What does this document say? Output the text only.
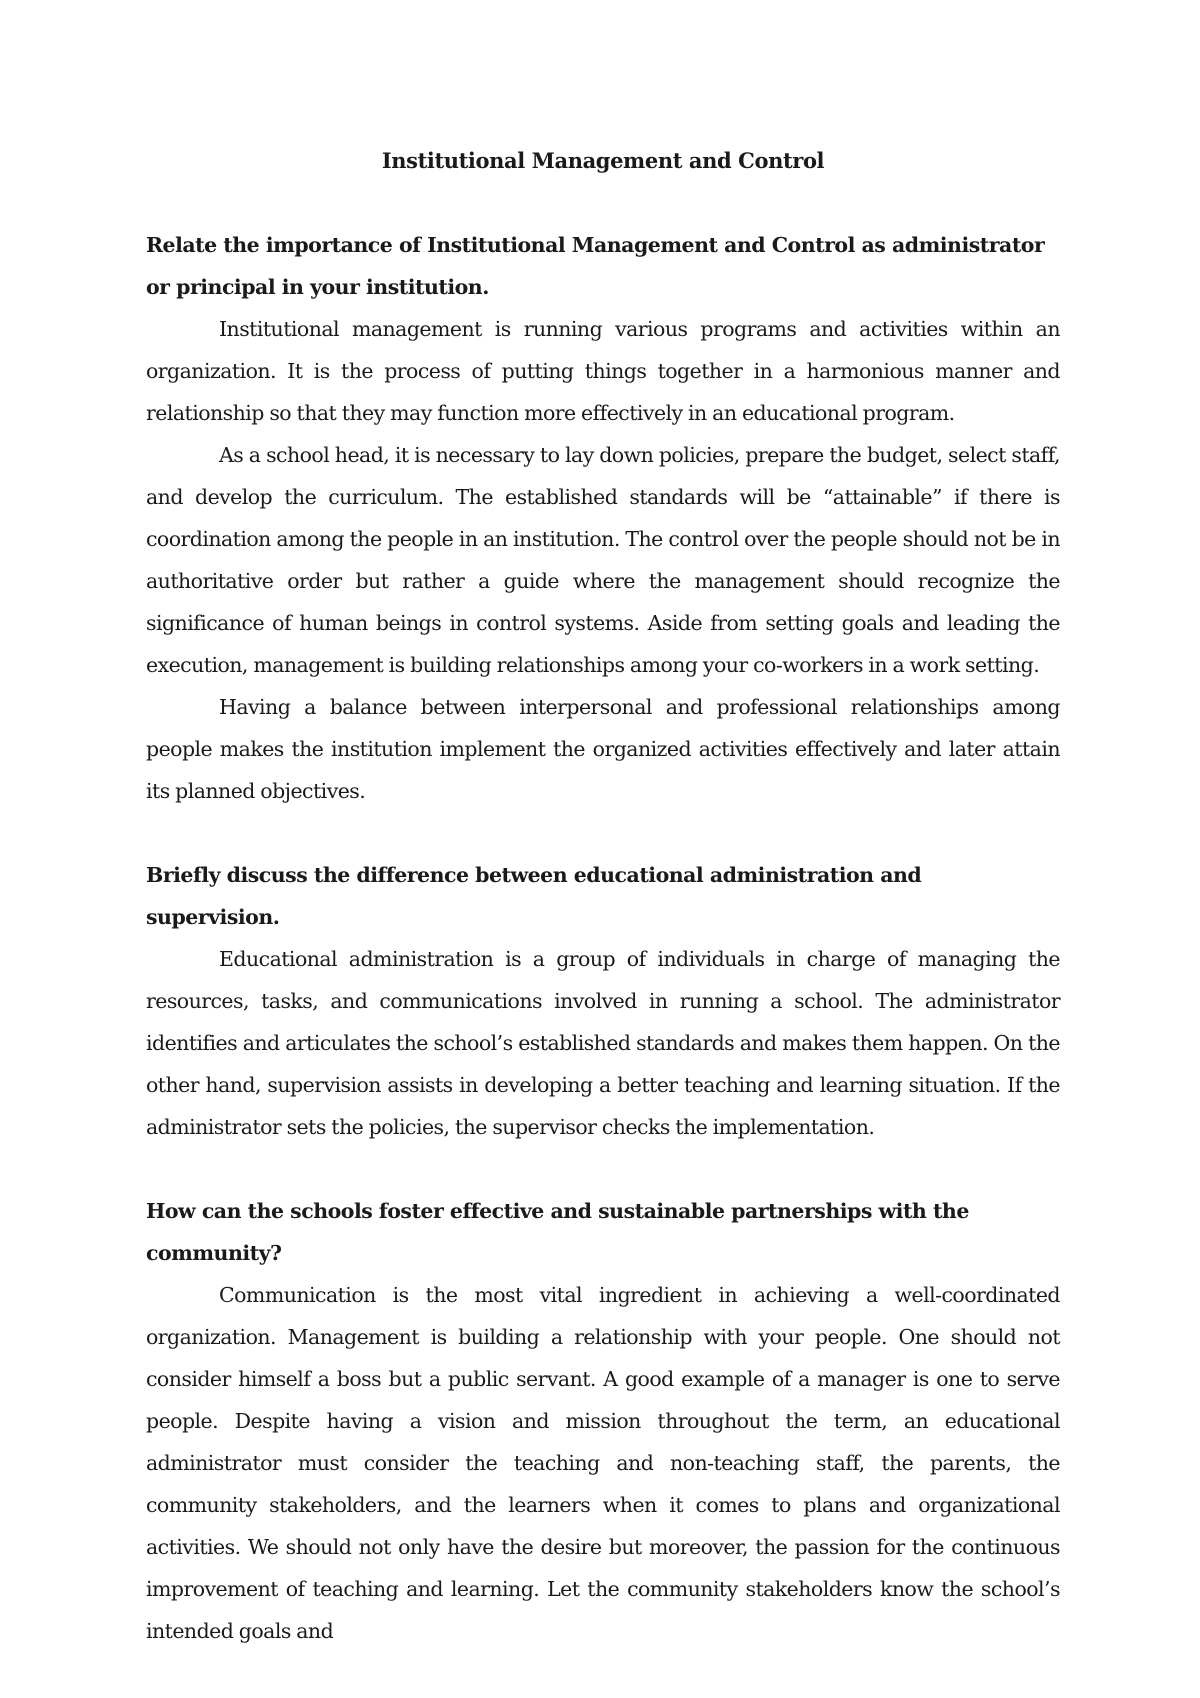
Institutional Management and Control

Relate the importance of Institutional Management and Control as administrator or principal in your institution.

Institutional management is running various programs and activities within an organization. It is the process of putting things together in a harmonious manner and relationship so that they may function more effectively in an educational program.

As a school head, it is necessary to lay down policies, prepare the budget, select staff, and develop the curriculum. The established standards will be “attainable” if there is coordination among the people in an institution. The control over the people should not be in authoritative order but rather a guide where the management should recognize the significance of human beings in control systems. Aside from setting goals and leading the execution, management is building relationships among your co-workers in a work setting.

Having a balance between interpersonal and professional relationships among people makes the institution implement the organized activities effectively and later attain its planned objectives.

Briefly discuss the difference between educational administration and supervision.

Educational administration is a group of individuals in charge of managing the resources, tasks, and communications involved in running a school. The administrator identifies and articulates the school’s established standards and makes them happen. On the other hand, supervision assists in developing a better teaching and learning situation. If the administrator sets the policies, the supervisor checks the implementation.

How can the schools foster effective and sustainable partnerships with the community?

Communication is the most vital ingredient in achieving a well-coordinated organization. Management is building a relationship with your people. One should not consider himself a boss but a public servant. A good example of a manager is one to serve people. Despite having a vision and mission throughout the term, an educational administrator must consider the teaching and non-teaching staff, the parents, the community stakeholders, and the learners when it comes to plans and organizational activities. We should not only have the desire but moreover, the passion for the continuous improvement of teaching and learning. Let the community stakeholders know the school’s intended goals and
